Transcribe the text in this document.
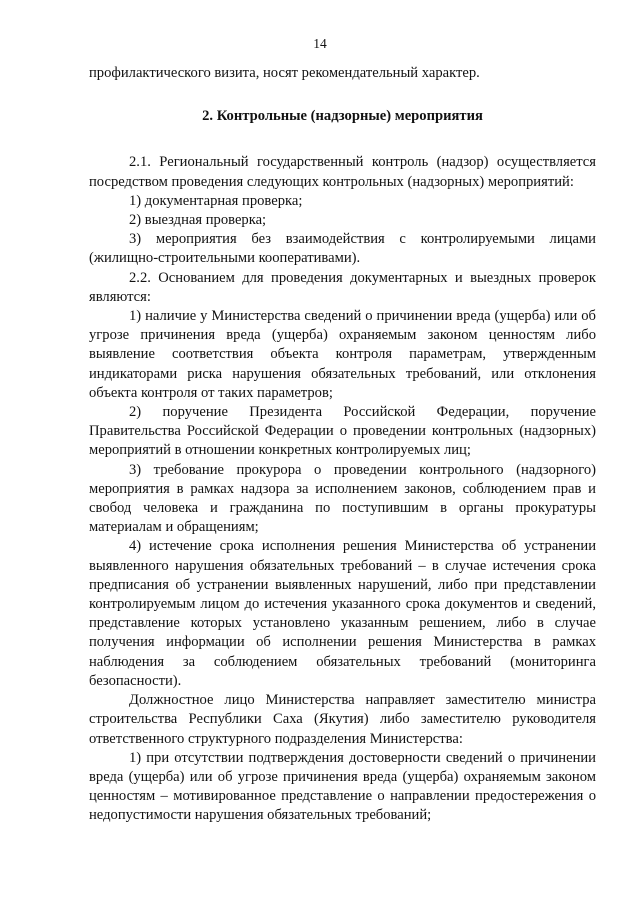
14

профилактического визита, носят рекомендательный характер.

2. Контрольные (надзорные) мероприятия

2.1. Региональный государственный контроль (надзор) осуществляется посредством проведения следующих контрольных (надзорных) мероприятий:

1) документарная проверка;

2) выездная проверка;

3) мероприятия без взаимодействия с контролируемыми лицами (жилищно-строительными кооперативами).

2.2. Основанием для проведения документарных и выездных проверок являются:

1) наличие у Министерства сведений о причинении вреда (ущерба) или об угрозе причинения вреда (ущерба) охраняемым законом ценностям либо выявление соответствия объекта контроля параметрам, утвержденным индикаторами риска нарушения обязательных требований, или отклонения объекта контроля от таких параметров;

2) поручение Президента Российской Федерации, поручение Правительства Российской Федерации о проведении контрольных (надзорных) мероприятий в отношении конкретных контролируемых лиц;

3) требование прокурора о проведении контрольного (надзорного) мероприятия в рамках надзора за исполнением законов, соблюдением прав и свобод человека и гражданина по поступившим в органы прокуратуры материалам и обращениям;

4) истечение срока исполнения решения Министерства об устранении выявленного нарушения обязательных требований – в случае истечения срока предписания об устранении выявленных нарушений, либо при представлении контролируемым лицом до истечения указанного срока документов и сведений, представление которых установлено указанным решением, либо в случае получения информации об исполнении решения Министерства в рамках наблюдения за соблюдением обязательных требований (мониторинга безопасности).

Должностное лицо Министерства направляет заместителю министра строительства Республики Саха (Якутия) либо заместителю руководителя ответственного структурного подразделения Министерства:

1) при отсутствии подтверждения достоверности сведений о причинении вреда (ущерба) или об угрозе причинения вреда (ущерба) охраняемым законом ценностям – мотивированное представление о направлении предостережения о недопустимости нарушения обязательных требований;
